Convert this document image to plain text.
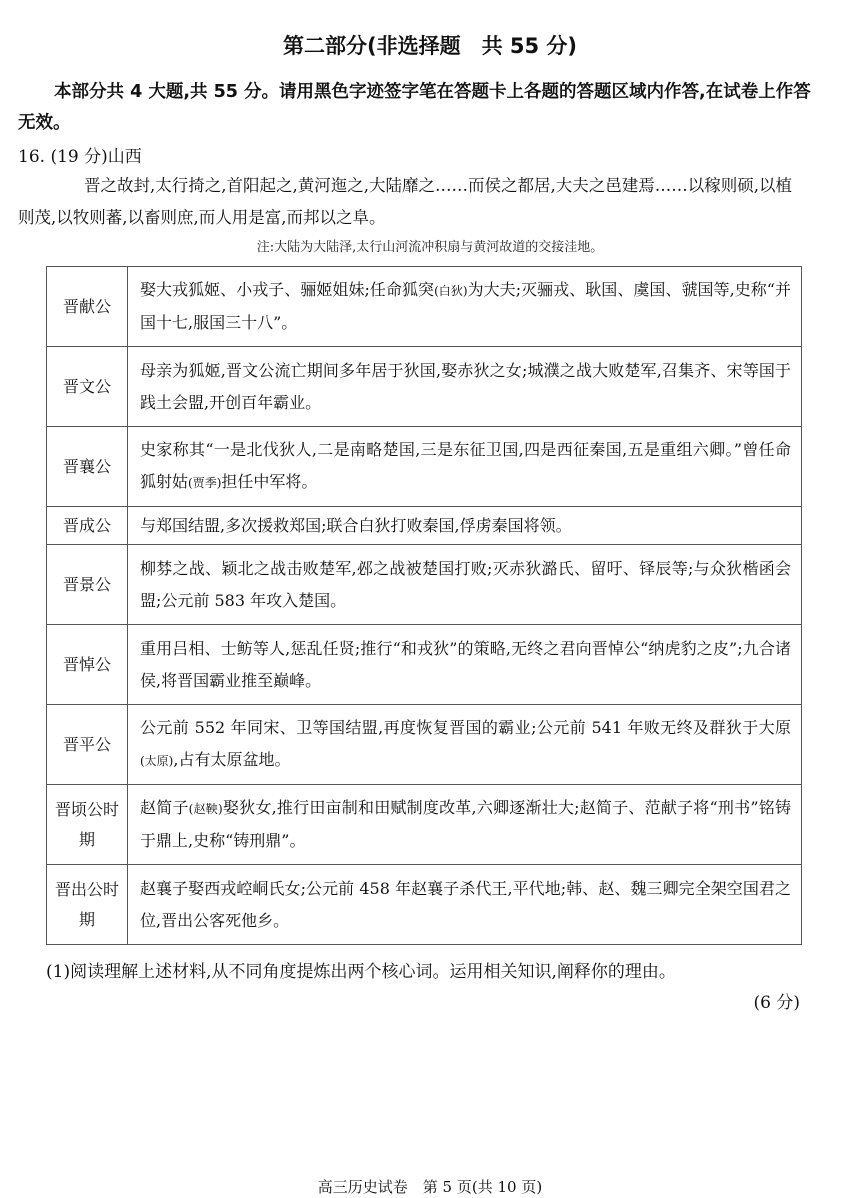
第二部分(非选择题　共 55 分)
本部分共 4 大题,共 55 分。请用黑色字迹签字笔在答题卡上各题的答题区域内作答,在试卷上作答无效。
16. (19 分)山西
晋之故封,太行掎之,首阳起之,黄河迤之,大陆靡之……而侯之都居,大夫之邑建焉……以稼则硕,以植则茂,以牧则蕃,以畜则庶,而人用是富,而邦以之阜。
注:大陆为大陆泽,太行山河流冲积扇与黄河故道的交接洼地。
晋献公	娶大戎狐姬、小戎子、骊姬姐妹;任命狐突(白狄)为大夫;灭骊戎、耿国、虞国、虢国等,史称“并国十七,服国三十八”。
晋文公	母亲为狐姬,晋文公流亡期间多年居于狄国,娶赤狄之女;城濮之战大败楚军,召集齐、宋等国于践土会盟,开创百年霸业。
晋襄公	史家称其“一是北伐狄人,二是南略楚国,三是东征卫国,四是西征秦国,五是重组六卿。”曾任命狐射姑(贾季)担任中军将。
晋成公	与郑国结盟,多次援救郑国;联合白狄打败秦国,俘虏秦国将领。
晋景公	柳棼之战、颖北之战击败楚军,邲之战被楚国打败;灭赤狄潞氏、留吁、铎辰等;与众狄楷函会盟;公元前 583 年攻入楚国。
晋悼公	重用吕相、士鲂等人,惩乱任贤;推行“和戎狄”的策略,无终之君向晋悼公“纳虎豹之皮”;九合诸侯,将晋国霸业推至巅峰。
晋平公	公元前 552 年同宋、卫等国结盟,再度恢复晋国的霸业;公元前 541 年败无终及群狄于大原(太原),占有太原盆地。

晋顷公时期	赵简子(赵鞅)娶狄女,推行田亩制和田赋制度改革,六卿逐渐壮大;赵简子、范献子将“刑书”铭铸于鼎上,史称“铸刑鼎”。

晋出公时期	赵襄子娶西戎崆峒氏女;公元前 458 年赵襄子杀代王,平代地;韩、赵、魏三卿完全架空国君之位,晋出公客死他乡。
(1)阅读理解上述材料,从不同角度提炼出两个核心词。运用相关知识,阐释你的理由。
(6 分)
高三历史试卷　第 5 页(共 10 页)
